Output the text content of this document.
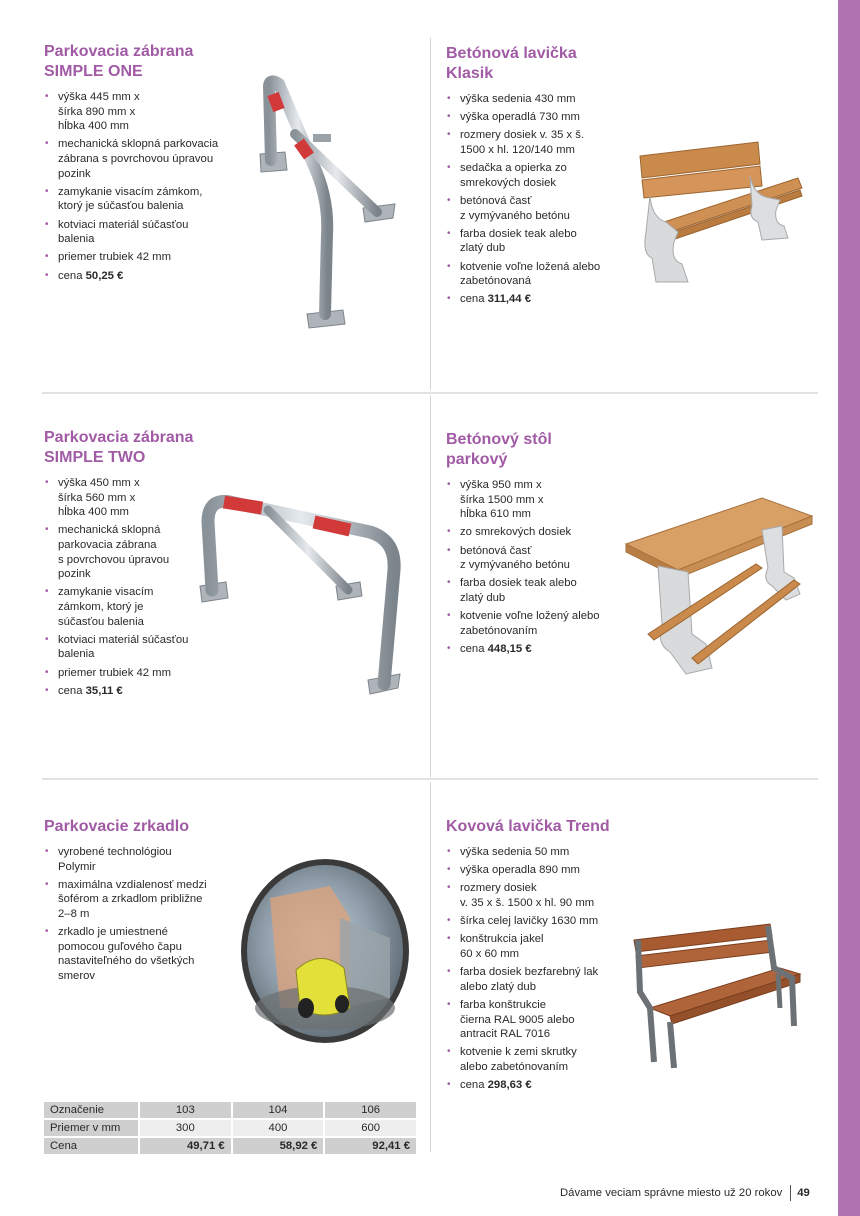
Parkovacia zábrana
SIMPLE ONE
• výška 445 mm x
šírka 890 mm x
hĺbka 400 mm
• mechanická sklopná parkovacia
zábrana s povrchovou úpravou
pozink
• zamykanie visacím zámkom,
ktorý je súčasťou balenia
• kotviaci materiál súčasťou
balenia
• priemer trubiek 42 mm
• cena 50,25 €
Betónová lavička
Klasik
• výška sedenia 430 mm
• výška operadlá 730 mm
• rozmery dosiek v. 35 x š.
1500 x hl. 120/140 mm
• sedačka a opierka zo
smrekových dosiek
• betónová časť
z vymývaného betónu
• farba dosiek teak alebo
zlatý dub
• kotvenie voľne ložená alebo
zabetónovaná
• cena 311,44 €
Parkovacia zábrana
SIMPLE TWO
• výška 450 mm x
šírka 560 mm x
hĺbka 400 mm
• mechanická sklopná
parkovacia zábrana
s povrchovou úpravou
pozink
• zamykanie visacím
zámkom, ktorý je
súčasťou balenia
• kotviaci materiál súčasťou
balenia
• priemer trubiek 42 mm
• cena 35,11 €
Betónový stôl
parkový
• výška 950 mm x
šírka 1500 mm x
hĺbka 610 mm
• zo smrekových dosiek
• betónová časť
z vymývaného betónu
• farba dosiek teak alebo
zlatý dub
• kotvenie voľne ložený alebo
zabetónovaním
• cena 448,15 €
Parkovacie zrkadlo
• vyrobené technológiou
Polymir
• maximálna vzdialenosť medzi
šoférom a zrkadlom približne
2–8 m
• zrkadlo je umiestnené
pomocou guľového čapu
nastaviteľného do všetkých
smerov
Kovová lavička Trend
• výška sedenia 50 mm
• výška operadla 890 mm
• rozmery dosiek
v. 35 x š. 1500 x hl. 90 mm
• šírka celej lavičky 1630 mm
• konštrukcia jakel
60 x 60 mm
• farba dosiek bezfarebný lak
alebo zlatý dub
• farba konštrukcie
čierna RAL 9005 alebo
antracit RAL 7016
• kotvenie k zemi skrutky
alebo zabetónovaním
• cena 298,63 €
Označenie	103	104	106
Priemer v mm	300	400	600
Cena	49,71 €	58,92 €	92,41 €
Dávame veciam správne miesto už 20 rokov 49
